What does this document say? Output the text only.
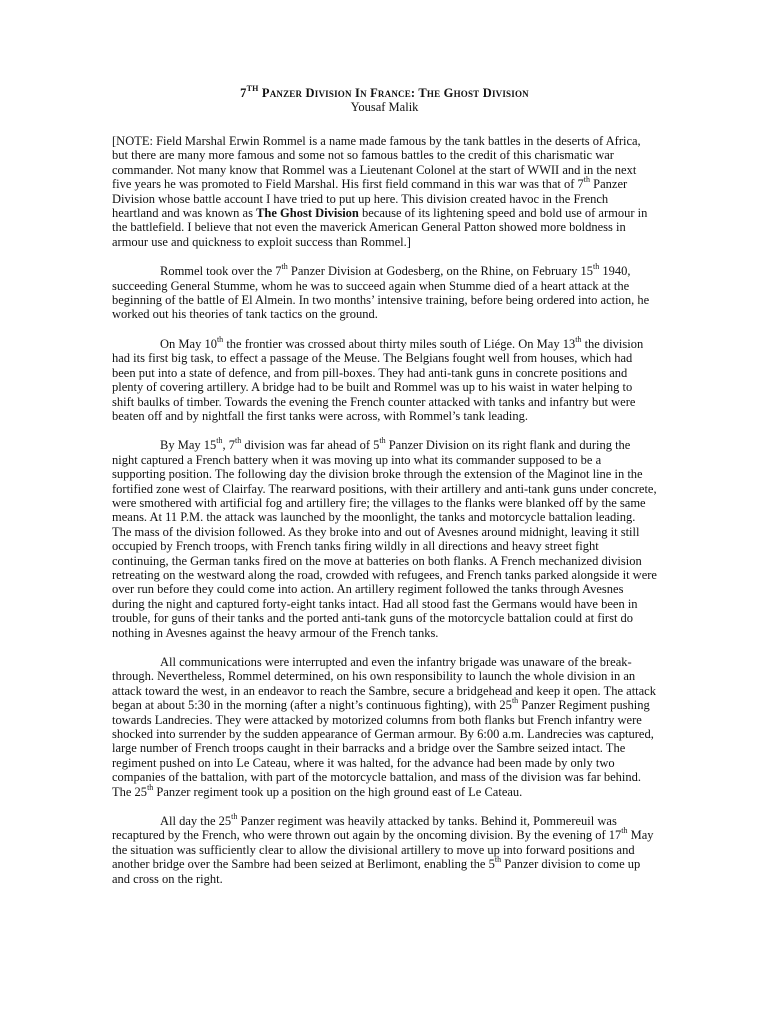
7TH Panzer Division In France: The Ghost Division
Yousaf Malik

[NOTE: Field Marshal Erwin Rommel is a name made famous by the tank battles in the deserts of Africa, but there are many more famous and some not so famous battles to the credit of this charismatic war commander. Not many know that Rommel was a Lieutenant Colonel at the start of WWII and in the next five years he was promoted to Field Marshal. His first field command in this war was that of 7th Panzer Division whose battle account I have tried to put up here. This division created havoc in the French heartland and was known as The Ghost Division because of its lightening speed and bold use of armour in the battlefield. I believe that not even the maverick American General Patton showed more boldness in armour use and quickness to exploit success than Rommel.]

Rommel took over the 7th Panzer Division at Godesberg, on the Rhine, on February 15th 1940, succeeding General Stumme, whom he was to succeed again when Stumme died of a heart attack at the beginning of the battle of El Almein. In two months’ intensive training, before being ordered into action, he worked out his theories of tank tactics on the ground.

On May 10th the frontier was crossed about thirty miles south of Liége. On May 13th the division had its first big task, to effect a passage of the Meuse. The Belgians fought well from houses, which had been put into a state of defence, and from pill-boxes. They had anti-tank guns in concrete positions and plenty of covering artillery. A bridge had to be built and Rommel was up to his waist in water helping to shift baulks of timber. Towards the evening the French counter attacked with tanks and infantry but were beaten off and by nightfall the first tanks were across, with Rommel’s tank leading.

By May 15th, 7th division was far ahead of 5th Panzer Division on its right flank and during the night captured a French battery when it was moving up into what its commander supposed to be a supporting position. The following day the division broke through the extension of the Maginot line in the fortified zone west of Clairfay. The rearward positions, with their artillery and anti-tank guns under concrete, were smothered with artificial fog and artillery fire; the villages to the flanks were blanked off by the same means. At 11 P.M. the attack was launched by the moonlight, the tanks and motorcycle battalion leading. The mass of the division followed. As they broke into and out of Avesnes around midnight, leaving it still occupied by French troops, with French tanks firing wildly in all directions and heavy street fight continuing, the German tanks fired on the move at batteries on both flanks. A French mechanized division retreating on the westward along the road, crowded with refugees, and French tanks parked alongside it were over run before they could come into action. An artillery regiment followed the tanks through Avesnes during the night and captured forty-eight tanks intact. Had all stood fast the Germans would have been in trouble, for guns of their tanks and the ported anti-tank guns of the motorcycle battalion could at first do nothing in Avesnes against the heavy armour of the French tanks.

All communications were interrupted and even the infantry brigade was unaware of the break-through. Nevertheless, Rommel determined, on his own responsibility to launch the whole division in an attack toward the west, in an endeavor to reach the Sambre, secure a bridgehead and keep it open. The attack began at about 5:30 in the morning (after a night’s continuous fighting), with 25th Panzer Regiment pushing towards Landrecies. They were attacked by motorized columns from both flanks but French infantry were shocked into surrender by the sudden appearance of German armour. By 6:00 a.m. Landrecies was captured, large number of French troops caught in their barracks and a bridge over the Sambre seized intact. The regiment pushed on into Le Cateau, where it was halted, for the advance had been made by only two companies of the battalion, with part of the motorcycle battalion, and mass of the division was far behind. The 25th Panzer regiment took up a position on the high ground east of Le Cateau.

All day the 25th Panzer regiment was heavily attacked by tanks. Behind it, Pommereuil was recaptured by the French, who were thrown out again by the oncoming division. By the evening of 17th May the situation was sufficiently clear to allow the divisional artillery to move up into forward positions and another bridge over the Sambre had been seized at Berlimont, enabling the 5th Panzer division to come up and cross on the right.
